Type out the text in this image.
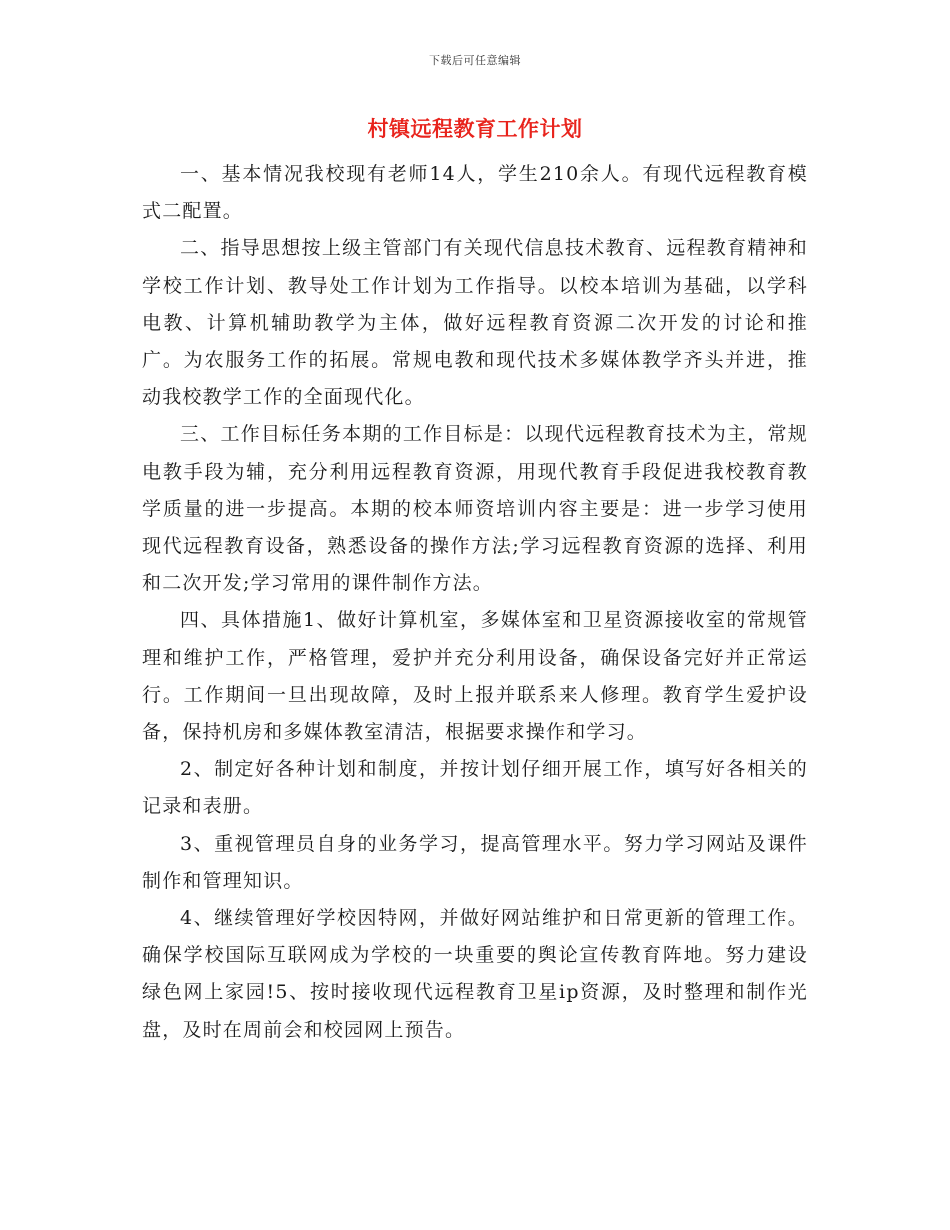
下载后可任意编辑
村镇远程教育工作计划

一、基本情况我校现有老师14人，学生210余人。有现代远程教育模式二配置。

二、指导思想按上级主管部门有关现代信息技术教育、远程教育精神和学校工作计划、教导处工作计划为工作指导。以校本培训为基础，以学科电教、计算机辅助教学为主体，做好远程教育资源二次开发的讨论和推广。为农服务工作的拓展。常规电教和现代技术多媒体教学齐头并进，推动我校教学工作的全面现代化。

三、工作目标任务本期的工作目标是：以现代远程教育技术为主，常规电教手段为辅，充分利用远程教育资源，用现代教育手段促进我校教育教学质量的进一步提高。本期的校本师资培训内容主要是：进一步学习使用现代远程教育设备，熟悉设备的操作方法;学习远程教育资源的选择、利用和二次开发;学习常用的课件制作方法。

四、具体措施1、做好计算机室，多媒体室和卫星资源接收室的常规管理和维护工作，严格管理，爱护并充分利用设备，确保设备完好并正常运行。工作期间一旦出现故障，及时上报并联系来人修理。教育学生爱护设备，保持机房和多媒体教室清洁，根据要求操作和学习。

2、制定好各种计划和制度，并按计划仔细开展工作，填写好各相关的记录和表册。

3、重视管理员自身的业务学习，提高管理水平。努力学习网站及课件制作和管理知识。

4、继续管理好学校因特网，并做好网站维护和日常更新的管理工作。确保学校国际互联网成为学校的一块重要的舆论宣传教育阵地。努力建设绿色网上家园!5、按时接收现代远程教育卫星ip资源，及时整理和制作光盘，及时在周前会和校园网上预告。
